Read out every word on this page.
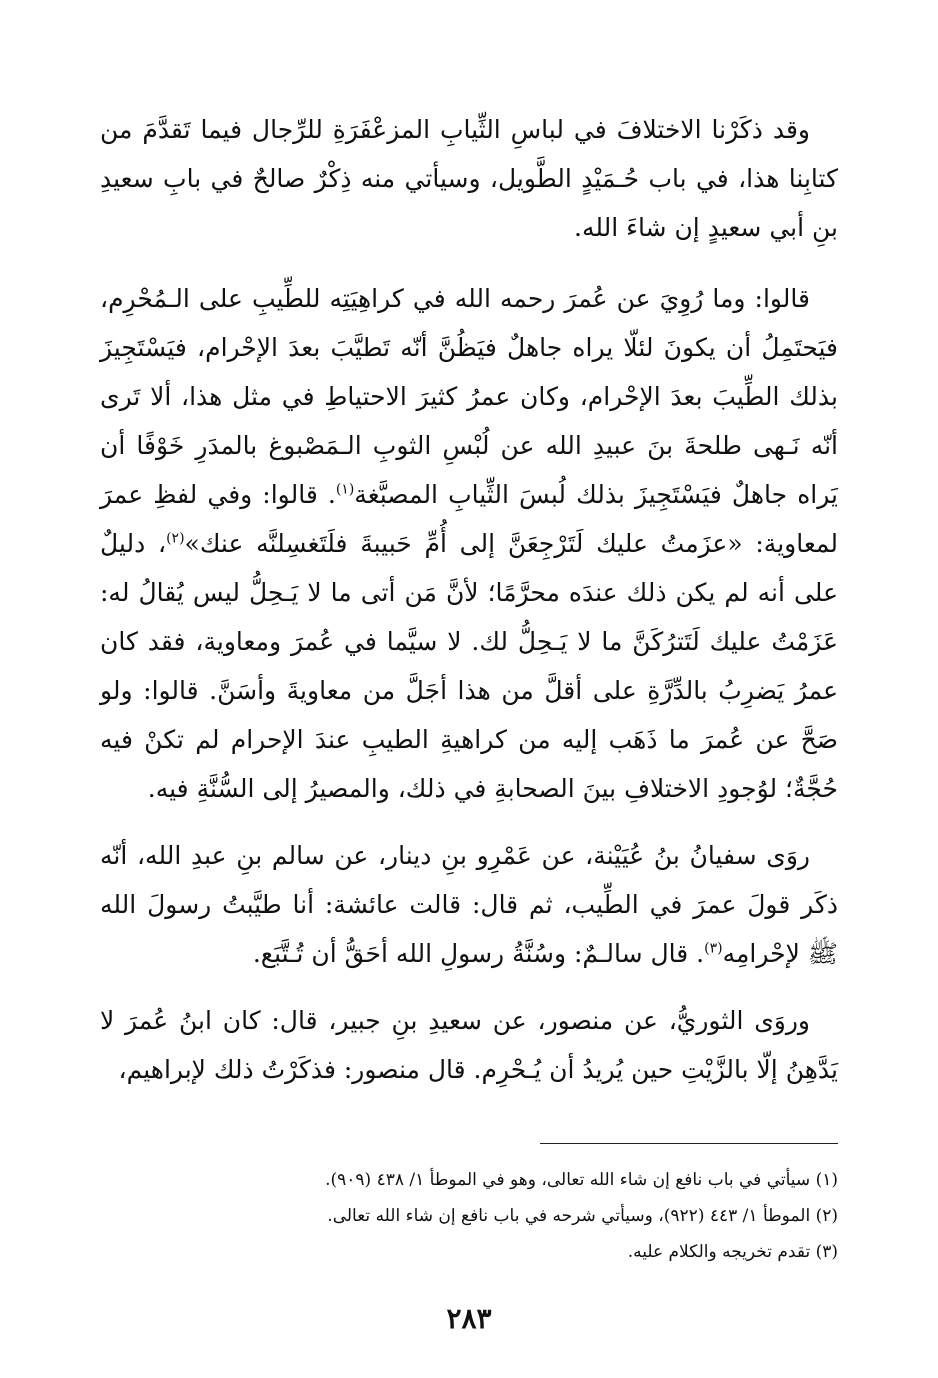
وقد ذكَرْنا الاختلافَ في لباسِ الثِّيابِ المزعْفَرَةِ للرِّجال فيما تَقدَّمَ من كتابِنا هذا، في باب حُـمَيْدٍ الطَّويل، وسيأتي منه ذِكْرٌ صالحٌ في بابِ سعيدِ بنِ أبي سعيدٍ إن شاءَ الله.

قالوا: وما رُوِيَ عن عُمرَ رحمه الله في كراهِيَتِه للطِّيبِ على الـمُحْرِم، فيَحتَمِلُ أن يكونَ لئلّا يراه جاهلٌ فيَظُنَّ أنّه تَطيَّبَ بعدَ الإحْرام، فيَسْتَجِيزَ بذلك الطِّيبَ بعدَ الإحْرام، وكان عمرُ كثيرَ الاحتياطِ في مثل هذا، ألا تَرى أنّه نَـهى طلحةَ بنَ عبيدِ الله عن لُبْسِ الثوبِ الـمَصْبوغ بالمدَرِ خَوْفًا أن يَراه جاهلٌ فيَسْتَجِيزَ بذلك لُبسَ الثِّيابِ المصبَّغة$^{(١)}$. قالوا: وفي لفظِ عمرَ لمعاوية: «عزَمتُ عليك لَتَرْجِعَنَّ إلى أُمِّ حَبيبةَ فلَتَغسِلنَّه عنك»$^{(٢)}$، دليلٌ على أنه لم يكن ذلك عندَه محرَّمًا؛ لأنَّ مَن أتى ما لا يَـحِلُّ ليس يُقالُ له: عَزَمْتُ عليك لَتَترُكَنَّ ما لا يَـحِلُّ لك. لا سيَّما في عُمرَ ومعاوية، فقد كان عمرُ يَضرِبُ بالدِّرَّةِ على أقلَّ من هذا أجَلَّ من معاويةَ وأسَنَّ. قالوا: ولو صَحَّ عن عُمرَ ما ذَهَب إليه من كراهيةِ الطيبِ عندَ الإحرام لم تكنْ فيه حُجَّةٌ؛ لوُجودِ الاختلافِ بينَ الصحابةِ في ذلك، والمصيرُ إلى السُّنَّةِ فيه.

روَى سفيانُ بنُ عُيَيْنة، عن عَمْرِو بنِ دينار، عن سالم بنِ عبدِ الله، أنّه ذكَر قولَ عمرَ في الطِّيب، ثم قال: قالت عائشة: أنا طيَّبتُ رسولَ الله ﷺ لإحْرامِه$^{(٣)}$. قال سالـمٌ: وسُنَّةُ رسولِ الله أحَقُّ أن تُـتَّبَع.

وروَى الثوريُّ، عن منصور، عن سعيدِ بنِ جبير، قال: كان ابنُ عُمرَ لا يَدَّهِنُ إلّا بالزَّيْتِ حين يُريدُ أن يُـحْرِم. قال منصور: فذكَرْتُ ذلك لإبراهيم،

(١) سيأتي في باب نافع إن شاء الله تعالى، وهو في الموطأ ١/ ٤٣٨ (٩٠٩).

(٢) الموطأ ١/ ٤٤٣ (٩٢٢)، وسيأتي شرحه في باب نافع إن شاء الله تعالى.

(٣) تقدم تخريجه والكلام عليه.

٢٨٣
